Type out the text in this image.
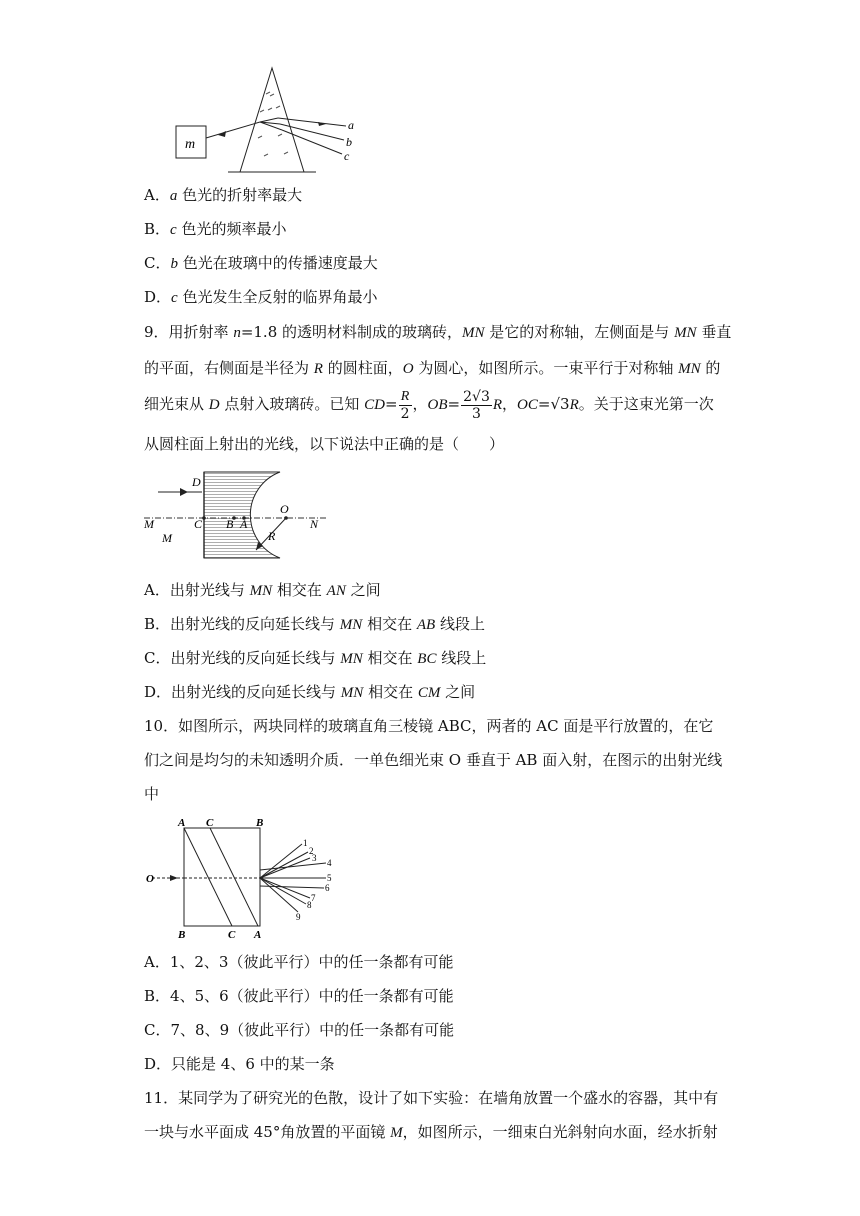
m
a
b
c
A．a 色光的折射率最大
B．c 色光的频率最小
C．b 色光在玻璃中的传播速度最大
D．c 色光发生全反射的临界角最小
9．用折射率 n=1.8 的透明材料制成的玻璃砖，MN 是它的对称轴，左侧面是与 MN 垂直
的平面，右侧面是半径为 R 的圆柱面，O 为圆心，如图所示。一束平行于对称轴 MN 的
细光束从 D 点射入玻璃砖。已知 $CD= \frac{R}{2}$ ，$OB= \frac{2√3}{3}$ R，OC=√3R。关于这束光第一次
从圆柱面上射出的光线，以下说法中正确的是（　　）
D
M	C B A
O
N
M	R
A．出射光线与 MN 相交在 AN 之间
B．出射光线的反向延长线与 MN 相交在 AB 线段上
C．出射光线的反向延长线与 MN 相交在 BC 线段上
D．出射光线的反向延长线与 MN 相交在 CM 之间
10．如图所示，两块同样的玻璃直角三棱镜 ABC，两者的 AC 面是平行放置的，在它
们之间是均匀的未知透明介质．一单色细光束 O 垂直于 AB 面入射，在图示的出射光线
中
A C	B
O
B	C A
1
2
3 4
5
6
7
8
9
A．1、2、3（彼此平行）中的任一条都有可能
B．4、5、6（彼此平行）中的任一条都有可能
C．7、8、9（彼此平行）中的任一条都有可能
D．只能是 4、6 中的某一条
11．某同学为了研究光的色散，设计了如下实验：在墙角放置一个盛水的容器，其中有
一块与水平面成 45°角放置的平面镜 M，如图所示，一细束白光斜射向水面，经水折射
